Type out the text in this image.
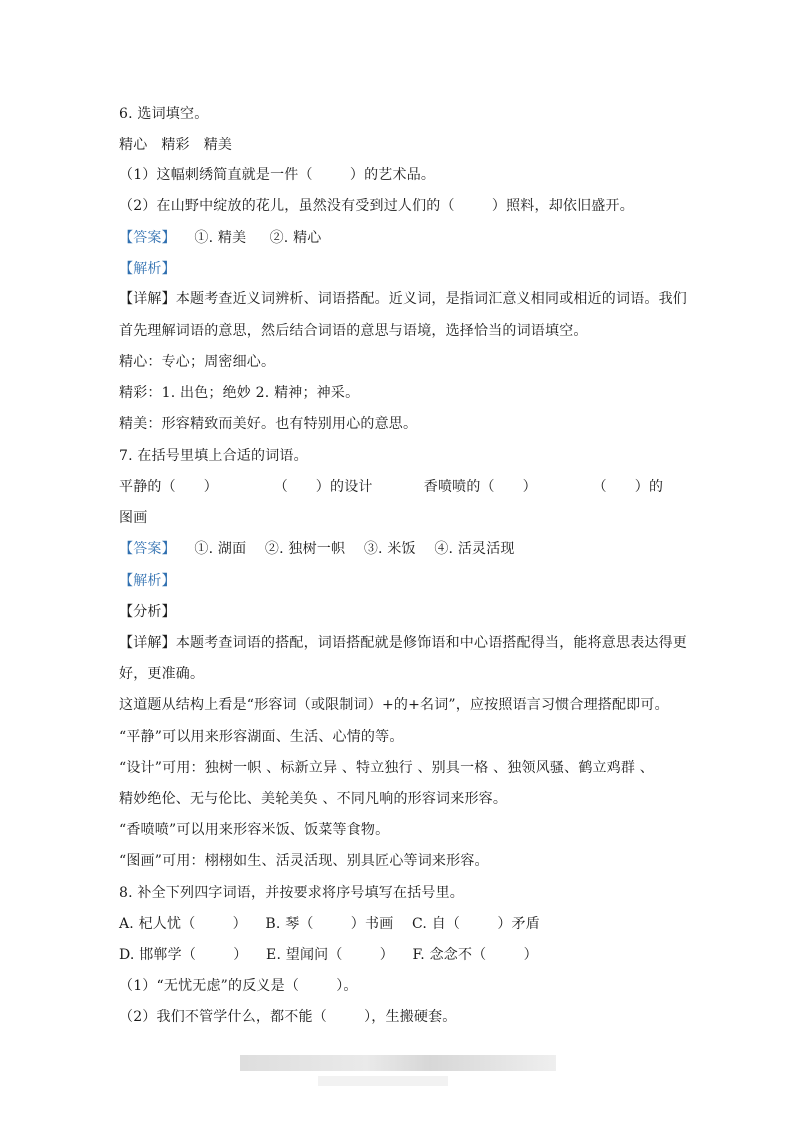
6. 选词填空。
精心   精彩   精美
（1）这幅刺绣简直就是一件（        ）的艺术品。
（2）在山野中绽放的花儿，虽然没有受到过人们的（        ）照料，却依旧盛开。
【答案】    ①. 精美     ②. 精心
【解析】
【详解】本题考查近义词辨析、词语搭配。近义词，是指词汇意义相同或相近的词语。我们
首先理解词语的意思，然后结合词语的意思与语境，选择恰当的词语填空。
精心：专心；周密细心。
精彩：1. 出色；绝妙 2. 精神；神采。
精美：形容精致而美好。也有特别用心的意思。
7. 在括号里填上合适的词语。
平静的（      ）            （      ）的设计           香喷喷的（      ）            （      ）的
图画
【答案】    ①. 湖面    ②. 独树一帜    ③. 米饭    ④. 活灵活现
【解析】
【分析】
【详解】本题考查词语的搭配，词语搭配就是修饰语和中心语搭配得当，能将意思表达得更
好，更准确。
这道题从结构上看是“形容词（或限制词）+的+名词”，应按照语言习惯合理搭配即可。
“平静”可以用来形容湖面、生活、心情的等。
“设计”可用：独树一帜 、标新立异 、特立独行 、别具一格 、独领风骚、鹤立鸡群 、
精妙绝伦、无与伦比、美轮美奂 、不同凡响的形容词来形容。
“香喷喷”可以用来形容米饭、饭菜等食物。
“图画”可用：栩栩如生、活灵活现、别具匠心等词来形容。
8. 补全下列四字词语，并按要求将序号填写在括号里。
A. 杞人忧（        ）    B. 琴（        ）书画    C. 自（        ）矛盾
D. 邯郸学（        ）    E. 望闻问（        ）    F. 念念不（        ）
（1）“无忧无虑”的反义是（        ）。
（2）我们不管学什么，都不能（        ），生搬硬套。
